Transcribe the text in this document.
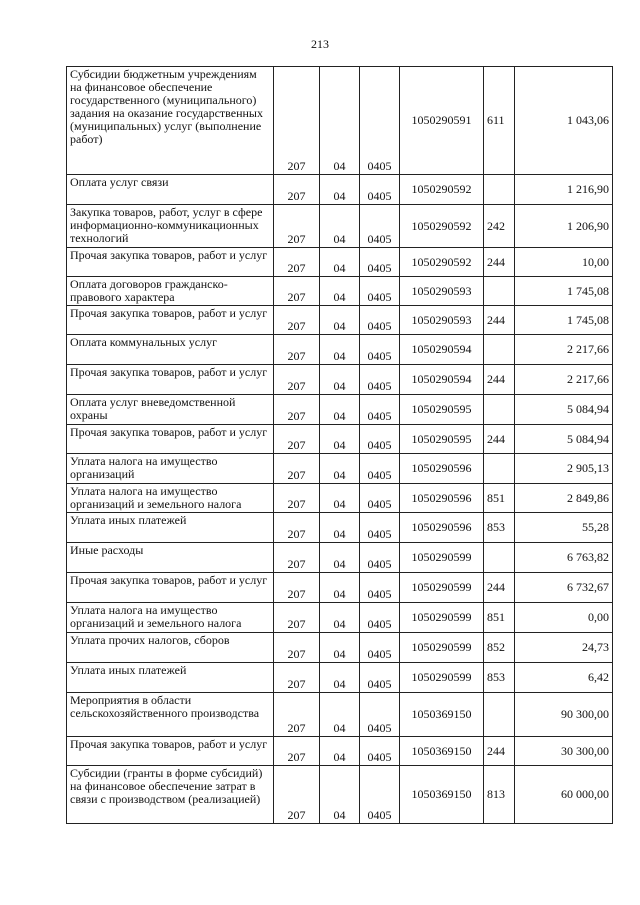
213
Субсидии бюджетным учреждениям на финансовое обеспечение государственного (муниципального) задания на оказание государственных (муниципальных) услуг (выполнение работ)	207	04	0405	1050290591	611	1 043,06
Оплата услуг связи	207	04	0405	1050290592		1 216,90
Закупка товаров, работ, услуг в сфере информационно-коммуникационных технологий	207	04	0405	1050290592	242	1 206,90
Прочая закупка товаров, работ и услуг	207	04	0405	1050290592	244	10,00
Оплата договоров гражданско-правового характера	207	04	0405	1050290593		1 745,08
Прочая закупка товаров, работ и услуг	207	04	0405	1050290593	244	1 745,08
Оплата коммунальных услуг	207	04	0405	1050290594		2 217,66
Прочая закупка товаров, работ и услуг	207	04	0405	1050290594	244	2 217,66
Оплата услуг вневедомственной охраны	207	04	0405	1050290595		5 084,94
Прочая закупка товаров, работ и услуг	207	04	0405	1050290595	244	5 084,94
Уплата налога на имущество организаций	207	04	0405	1050290596		2 905,13
Уплата налога на имущество организаций и земельного налога	207	04	0405	1050290596	851	2 849,86
Уплата иных платежей	207	04	0405	1050290596	853	55,28
Иные расходы	207	04	0405	1050290599		6 763,82
Прочая закупка товаров, работ и услуг	207	04	0405	1050290599	244	6 732,67
Уплата налога на имущество организаций и земельного налога	207	04	0405	1050290599	851	0,00
Уплата прочих налогов, сборов	207	04	0405	1050290599	852	24,73
Уплата иных платежей	207	04	0405	1050290599	853	6,42
Мероприятия в области сельскохозяйственного производства	207	04	0405	1050369150		90 300,00
Прочая закупка товаров, работ и услуг	207	04	0405	1050369150	244	30 300,00
Субсидии (гранты в форме субсидий) на финансовое обеспечение затрат в связи с производством (реализацией)	207	04	0405	1050369150	813	60 000,00
